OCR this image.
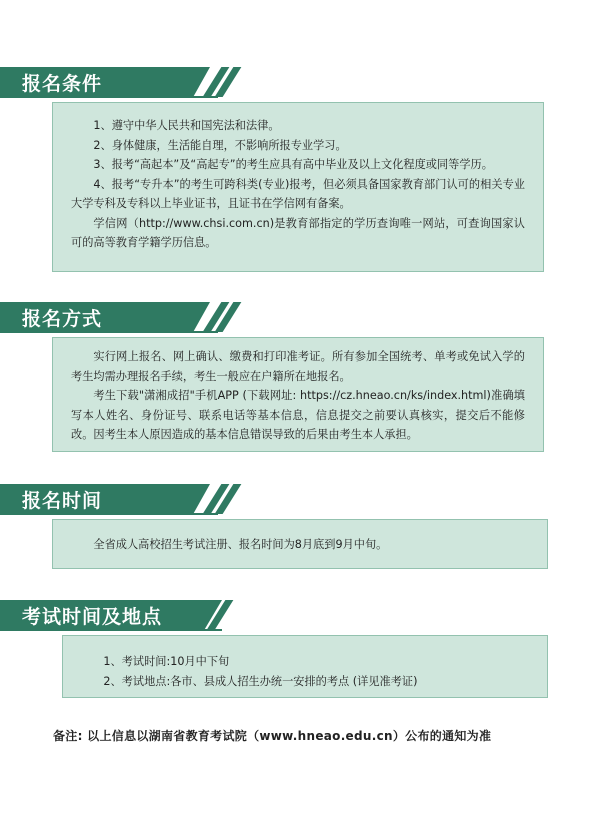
报名条件

1、遵守中华人民共和国宪法和法律。

2、身体健康，生活能自理，不影响所报专业学习。

3、报考“高起本”及“高起专”的考生应具有高中毕业及以上文化程度或同等学历。

4、报考“专升本”的考生可跨科类(专业)报考，但必须具备国家教育部门认可的相关专业大学专科及专科以上毕业证书，且证书在学信网有备案。

学信网（http://www.chsi.com.cn)是教育部指定的学历查询唯一网站，可查询国家认可的高等教育学籍学历信息。

报名方式

实行网上报名、网上确认、缴费和打印准考证。所有参加全国统考、单考或免试入学的考生均需办理报名手续，考生一般应在户籍所在地报名。

考生下载"潇湘成招"手机APP (下载网址: https://cz.hneao.cn/ks/index.html)准确填写本人姓名、身份证号、联系电话等基本信息，信息提交之前要认真核实，提交后不能修改。因考生本人原因造成的基本信息错误导致的后果由考生本人承担。

报名时间

全省成人高校招生考试注册、报名时间为8月底到9月中旬。

考试时间及地点

1、考试时间:10月中下旬

2、考试地点:各市、县成人招生办统一安排的考点 (详见准考证)

备注: 以上信息以湖南省教育考试院（www.hneao.edu.cn）公布的通知为准
